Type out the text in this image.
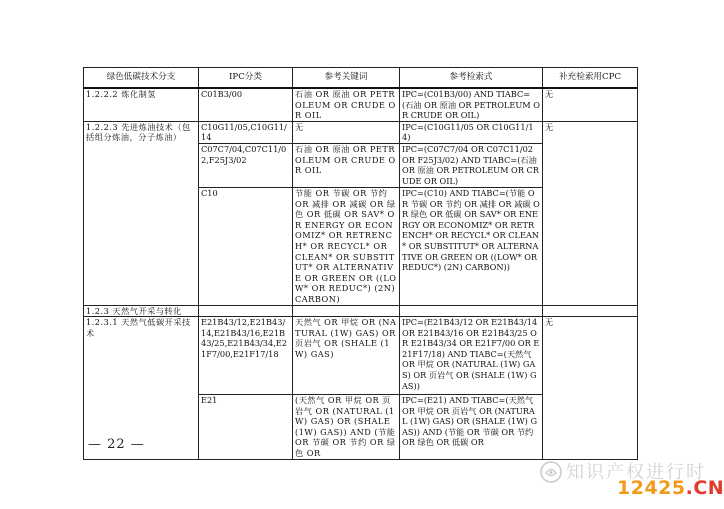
绿色低碳技术分支	IPC分类	参考关键词	参考检索式	补充检索用CPC
1.2.2.2 炼化制氢	C01B3/00	石油 OR 原油 OR PETROLEUM OR CRUDE OR OIL	IPC=(C01B3/00) AND TIABC=(石油 OR 原油 OR PETROLEUM OR CRUDE OR OIL)	无
1.2.2.3 先进炼油技术（包括组分炼油，分子炼油）	C10G11/05,C10G11/14	无	IPC=(C10G11/05 OR C10G11/14)	无
	C07C7/04,C07C11/02,F25J3/02	石油 OR 原油 OR PETROLEUM OR CRUDE OR OIL	IPC=(C07C7/04 OR C07C11/02 OR F25J3/02) AND TIABC=(石油 OR 原油 OR PETROLEUM OR CRUDE OR OIL)	
	C10	节能 OR 节碳 OR 节约 OR 减排 OR 减碳 OR 绿色 OR 低碳 OR SAV* OR ENERGY OR ECONOMIZ* OR RETRENCH* OR RECYCL* OR CLEAN* OR SUBSTITUT* OR ALTERNATIVE OR GREEN OR ((LOW* OR REDUC*) (2N) CARBON)	IPC=(C10) AND TIABC=(节能 OR 节碳 OR 节约 OR 减排 OR 减碳 OR 绿色 OR 低碳 OR SAV* OR ENERGY OR ECONOMIZ* OR RETRENCH* OR RECYCL* OR CLEAN* OR SUBSTITUT* OR ALTERNATIVE OR GREEN OR ((LOW* OR REDUC*) (2N) CARBON))	
1.2.3 天然气开采与转化				
1.2.3.1 天然气低碳开采技术	E21B43/12,E21B43/14,E21B43/16,E21B43/25,E21B43/34,E21F7/00,E21F17/18	天然气 OR 甲烷 OR (NATURAL (1W) GAS) OR 页岩气 OR (SHALE (1W) GAS)	IPC=(E21B43/12 OR E21B43/14 OR E21B43/16 OR E21B43/25 OR E21B43/34 OR E21F7/00 OR E21F17/18) AND TIABC=(天然气 OR 甲烷 OR (NATURAL (1W) GAS) OR 页岩气 OR (SHALE (1W) GAS))	无
	E21	(天然气 OR 甲烷 OR 页岩气 OR (NATURAL (1W) GAS) OR (SHALE (1W) GAS)) AND (节能 OR 节碳 OR 节约 OR 绿色 OR	IPC=(E21) AND TIABC=(天然气 OR 甲烷 OR 页岩气 OR (NATURAL (1W) GAS) OR (SHALE (1W) GAS)) AND (节能 OR 节碳 OR 节约 OR 绿色 OR 低碳 OR	
— 22 —
知识产权进行时
12425.CN
